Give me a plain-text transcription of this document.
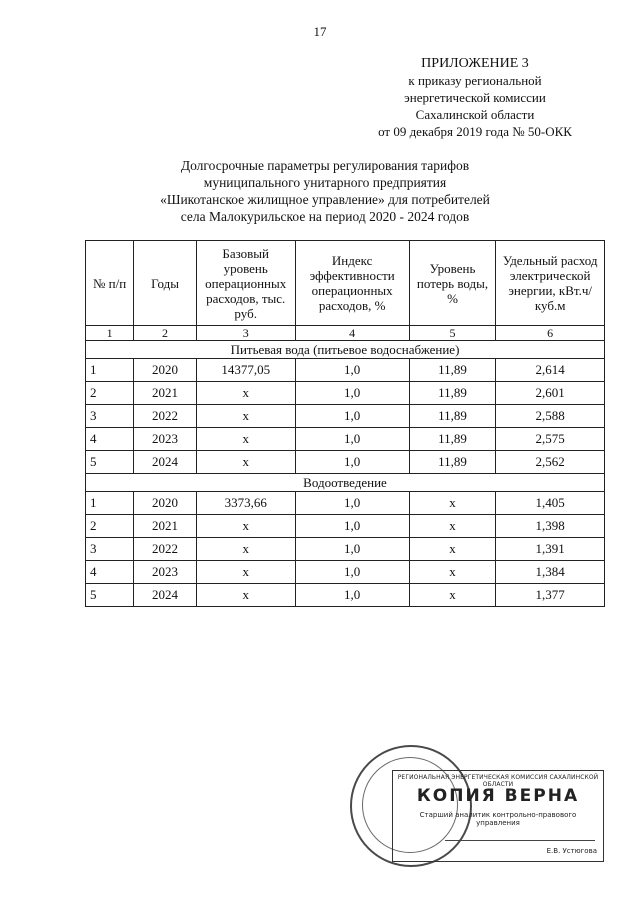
17
ПРИЛОЖЕНИЕ 3
к приказу региональной
энергетической комиссии
Сахалинской области
от 09 декабря 2019 года № 50-ОКК
Долгосрочные параметры регулирования тарифов
муниципального унитарного предприятия
«Шикотанское жилищное управление» для потребителей
села Малокурильское на период 2020 - 2024 годов
№ п/п	Годы	Базовый уровень операционных расходов, тыс. руб.	Индекс эффективности операционных расходов, %	Уровень потерь воды, %	Удельный расход электрической энергии, кВт.ч/куб.м
1	2	3	4	5	6
Питьевая вода (питьевое водоснабжение)					
1	2020	14377,05	1,0	11,89	2,614
2	2021	x	1,0	11,89	2,601
3	2022	x	1,0	11,89	2,588
4	2023	x	1,0	11,89	2,575
5	2024	x	1,0	11,89	2,562
Водоотведение					
1	2020	3373,66	1,0	x	1,405
2	2021	x	1,0	x	1,398
3	2022	x	1,0	x	1,391
4	2023	x	1,0	x	1,384
5	2024	x	1,0	x	1,377
РЕГИОНАЛЬНАЯ ЭНЕРГЕТИЧЕСКАЯ КОМИССИЯ САХАЛИНСКОЙ ОБЛАСТИ
КОПИЯ ВЕРНА
Старший аналитик контрольно-правового управления
Е.В. Устюгова
